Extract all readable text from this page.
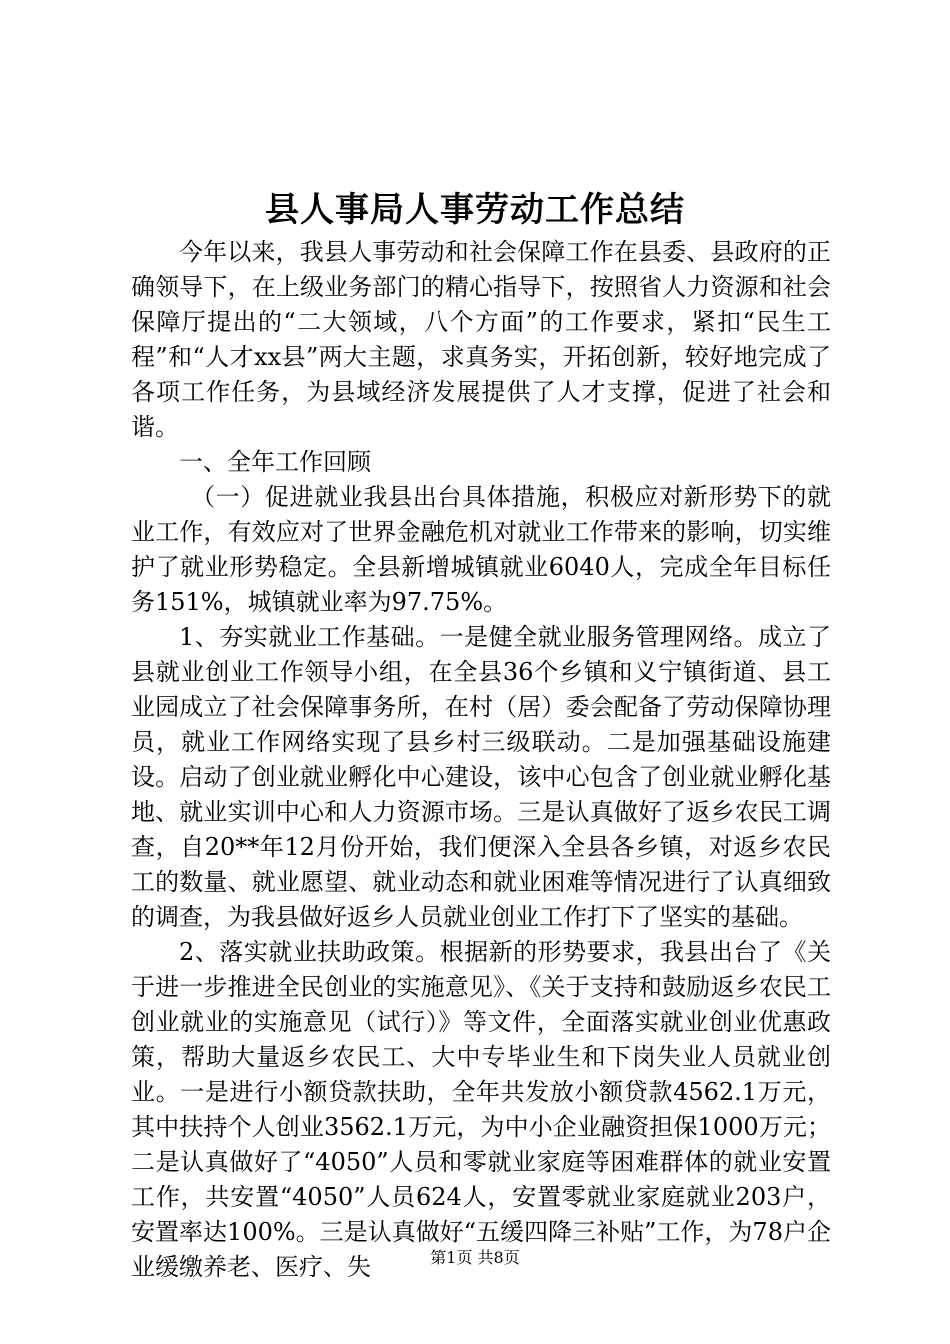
县人事局人事劳动工作总结

今年以来，我县人事劳动和社会保障工作在县委、县政府的正确领导下，在上级业务部门的精心指导下，按照省人力资源和社会保障厅提出的“二大领域，八个方面”的工作要求，紧扣“民生工程”和“人才xx县”两大主题，求真务实，开拓创新，较好地完成了各项工作任务，为县域经济发展提供了人才支撑，促进了社会和谐。

一、全年工作回顾

（一）促进就业我县出台具体措施，积极应对新形势下的就业工作，有效应对了世界金融危机对就业工作带来的影响，切实维护了就业形势稳定。全县新增城镇就业6040人，完成全年目标任务151%，城镇就业率为97.75%。

1、夯实就业工作基础。一是健全就业服务管理网络。成立了县就业创业工作领导小组，在全县36个乡镇和义宁镇街道、县工业园成立了社会保障事务所，在村（居）委会配备了劳动保障协理员，就业工作网络实现了县乡村三级联动。二是加强基础设施建设。启动了创业就业孵化中心建设，该中心包含了创业就业孵化基地、就业实训中心和人力资源市场。三是认真做好了返乡农民工调查，自20**年12月份开始，我们便深入全县各乡镇，对返乡农民工的数量、就业愿望、就业动态和就业困难等情况进行了认真细致的调查，为我县做好返乡人员就业创业工作打下了坚实的基础。

2、落实就业扶助政策。根据新的形势要求，我县出台了《关于进一步推进全民创业的实施意见》、《关于支持和鼓励返乡农民工创业就业的实施意见（试行）》等文件，全面落实就业创业优惠政策，帮助大量返乡农民工、大中专毕业生和下岗失业人员就业创业。一是进行小额贷款扶助，全年共发放小额贷款4562.1万元，其中扶持个人创业3562.1万元，为中小企业融资担保1000万元；二是认真做好了“4050”人员和零就业家庭等困难群体的就业安置工作，共安置“4050”人员624人，安置零就业家庭就业203户，安置率达100%。三是认真做好“五缓四降三补贴”工作，为78户企业缓缴养老、医疗、失	第1页 共8页
